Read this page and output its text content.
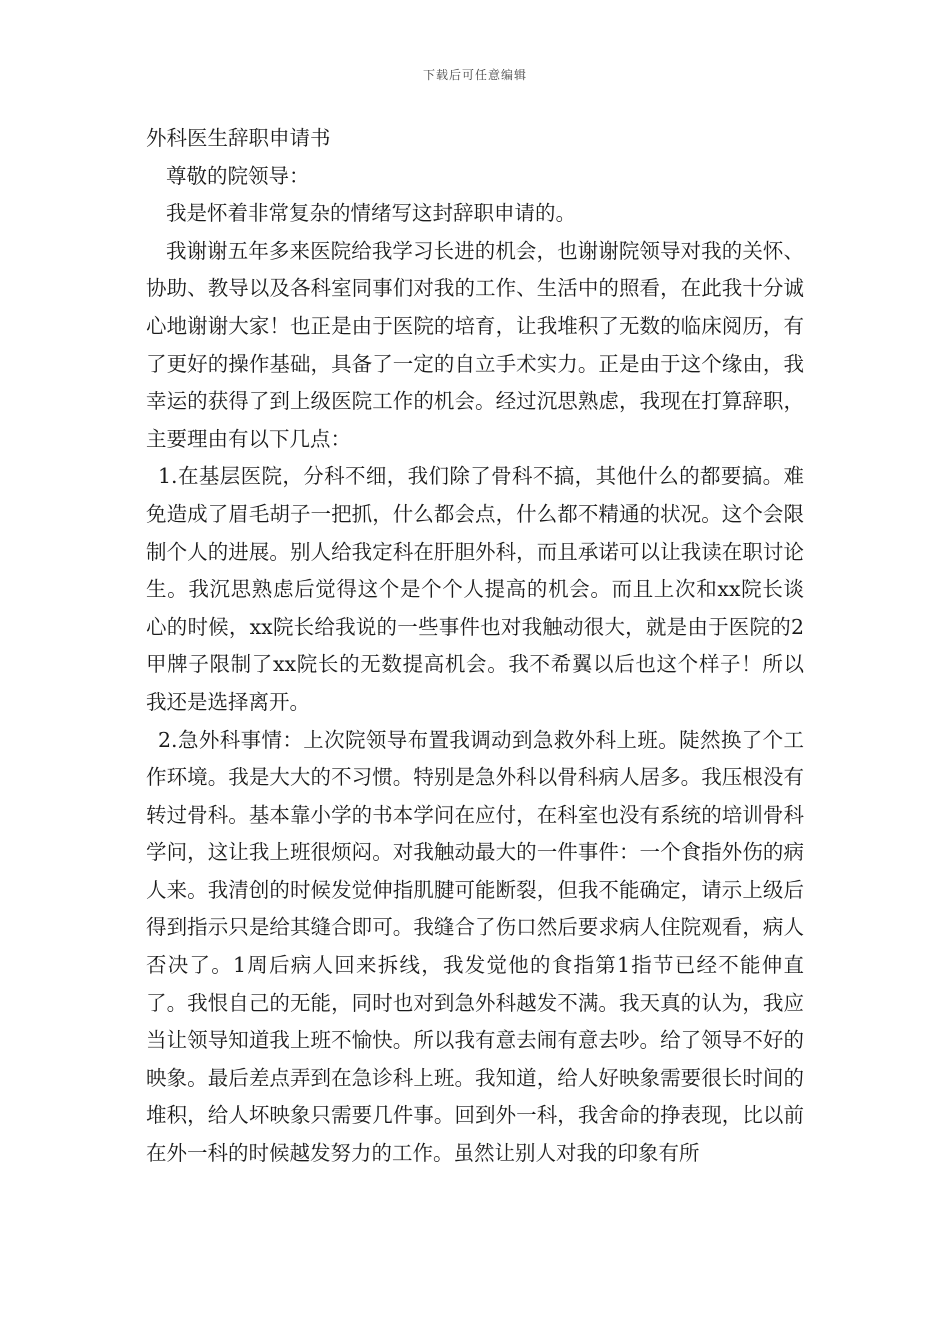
下载后可任意编辑

外科医生辞职申请书

尊敬的院领导：

我是怀着非常复杂的情绪写这封辞职申请的。

我谢谢五年多来医院给我学习长进的机会，也谢谢院领导对我的关怀、协助、教导以及各科室同事们对我的工作、生活中的照看，在此我十分诚心地谢谢大家！也正是由于医院的培育，让我堆积了无数的临床阅历，有了更好的操作基础，具备了一定的自立手术实力。正是由于这个缘由，我幸运的获得了到上级医院工作的机会。经过沉思熟虑，我现在打算辞职，主要理由有以下几点：

1.在基层医院，分科不细，我们除了骨科不搞，其他什么的都要搞。难免造成了眉毛胡子一把抓，什么都会点，什么都不精通的状况。这个会限制个人的进展。别人给我定科在肝胆外科，而且承诺可以让我读在职讨论生。我沉思熟虑后觉得这个是个个人提高的机会。而且上次和xx院长谈心的时候，xx院长给我说的一些事件也对我触动很大，就是由于医院的2甲牌子限制了xx院长的无数提高机会。我不希翼以后也这个样子！所以我还是选择离开。

2.急外科事情：上次院领导布置我调动到急救外科上班。陡然换了个工作环境。我是大大的不习惯。特别是急外科以骨科病人居多。我压根没有转过骨科。基本靠小学的书本学问在应付，在科室也没有系统的培训骨科学问，这让我上班很烦闷。对我触动最大的一件事件：一个食指外伤的病人来。我清创的时候发觉伸指肌腱可能断裂，但我不能确定，请示上级后得到指示只是给其缝合即可。我缝合了伤口然后要求病人住院观看，病人否决了。1周后病人回来拆线，我发觉他的食指第1指节已经不能伸直了。我恨自己的无能，同时也对到急外科越发不满。我天真的认为，我应当让领导知道我上班不愉快。所以我有意去闹有意去吵。给了领导不好的映象。最后差点弄到在急诊科上班。我知道，给人好映象需要很长时间的堆积，给人坏映象只需要几件事。回到外一科，我舍命的挣表现，比以前在外一科的时候越发努力的工作。虽然让别人对我的印象有所
